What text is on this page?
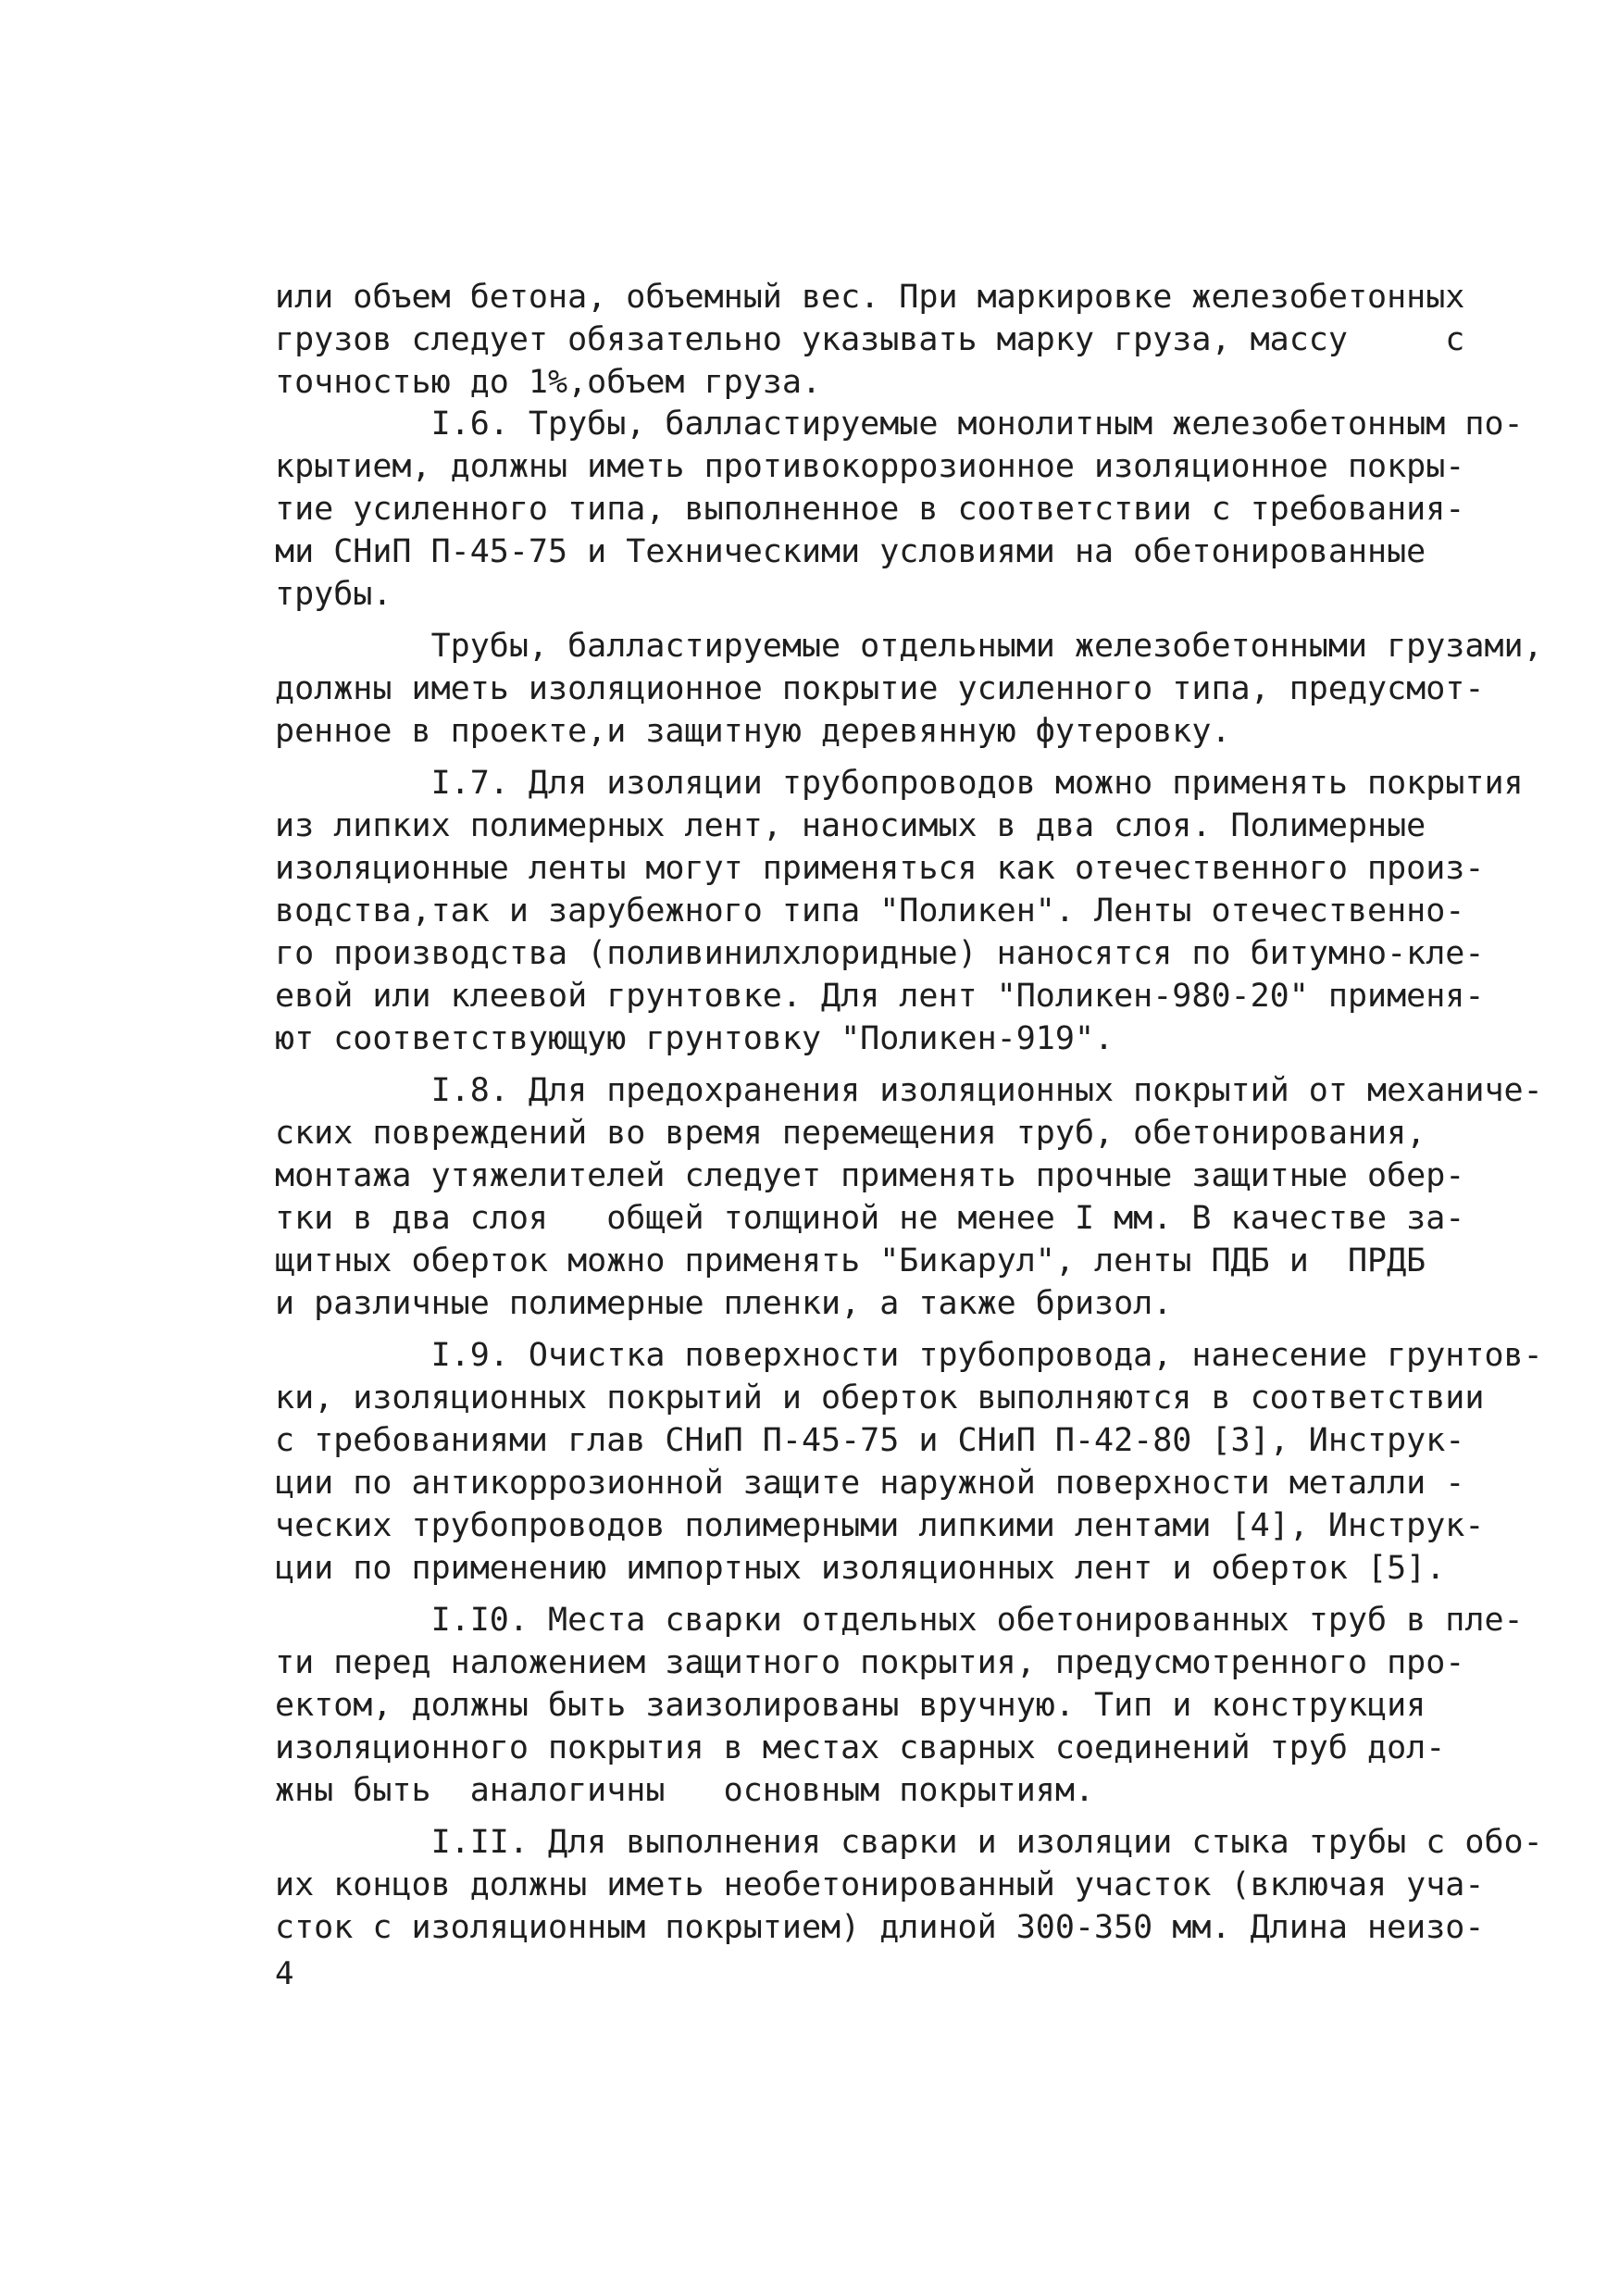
или объем бетона, объемный вес. При маркировке железобетонных
грузов следует обязательно указывать марку груза, массу     с
точностью до 1%,объем груза.
I.6. Трубы, балластируемые монолитным железобетонным по-
крытием, должны иметь противокоррозионное изоляционное покры-
тие усиленного типа, выполненное в соответствии с требования-
ми СНиП П-45-75 и Техническими условиями на обетонированные
трубы.
Трубы, балластируемые отдельными железобетонными грузами,
должны иметь изоляционное покрытие усиленного типа, предусмот-
ренное в проекте,и защитную деревянную футеровку.
I.7. Для изоляции трубопроводов можно применять покрытия
из липких полимерных лент, наносимых в два слоя. Полимерные
изоляционные ленты могут применяться как отечественного произ-
водства,так и зарубежного типа "Поликен". Ленты отечественно-
го производства (поливинилхлоридные) наносятся по битумно-кле-
евой или клеевой грунтовке. Для лент "Поликен-980-20" применя-
ют соответствующую грунтовку "Поликен-919".
I.8. Для предохранения изоляционных покрытий от механиче-
ских повреждений во время перемещения труб, обетонирования,
монтажа утяжелителей следует применять прочные защитные обер-
тки в два слоя   общей толщиной не менее I мм. В качестве за-
щитных оберток можно применять "Бикарул", ленты ПДБ и  ПРДБ
и различные полимерные пленки, а также бризол.
I.9. Очистка поверхности трубопровода, нанесение грунтов-
ки, изоляционных покрытий и оберток выполняются в соответствии
с требованиями глав СНиП П-45-75 и СНиП П-42-80 [3], Инструк-
ции по антикоррозионной защите наружной поверхности металли -
ческих трубопроводов полимерными липкими лентами [4], Инструк-
ции по применению импортных изоляционных лент и оберток [5].
I.I0. Места сварки отдельных обетонированных труб в пле-
ти перед наложением защитного покрытия, предусмотренного про-
ектом, должны быть заизолированы вручную. Тип и конструкция
изоляционного покрытия в местах сварных соединений труб дол-
жны быть  аналогичны   основным покрытиям.
I.II. Для выполнения сварки и изоляции стыка трубы с обо-
их концов должны иметь необетонированный участок (включая уча-
сток с изоляционным покрытием) длиной 300-350 мм. Длина неизо-
4
